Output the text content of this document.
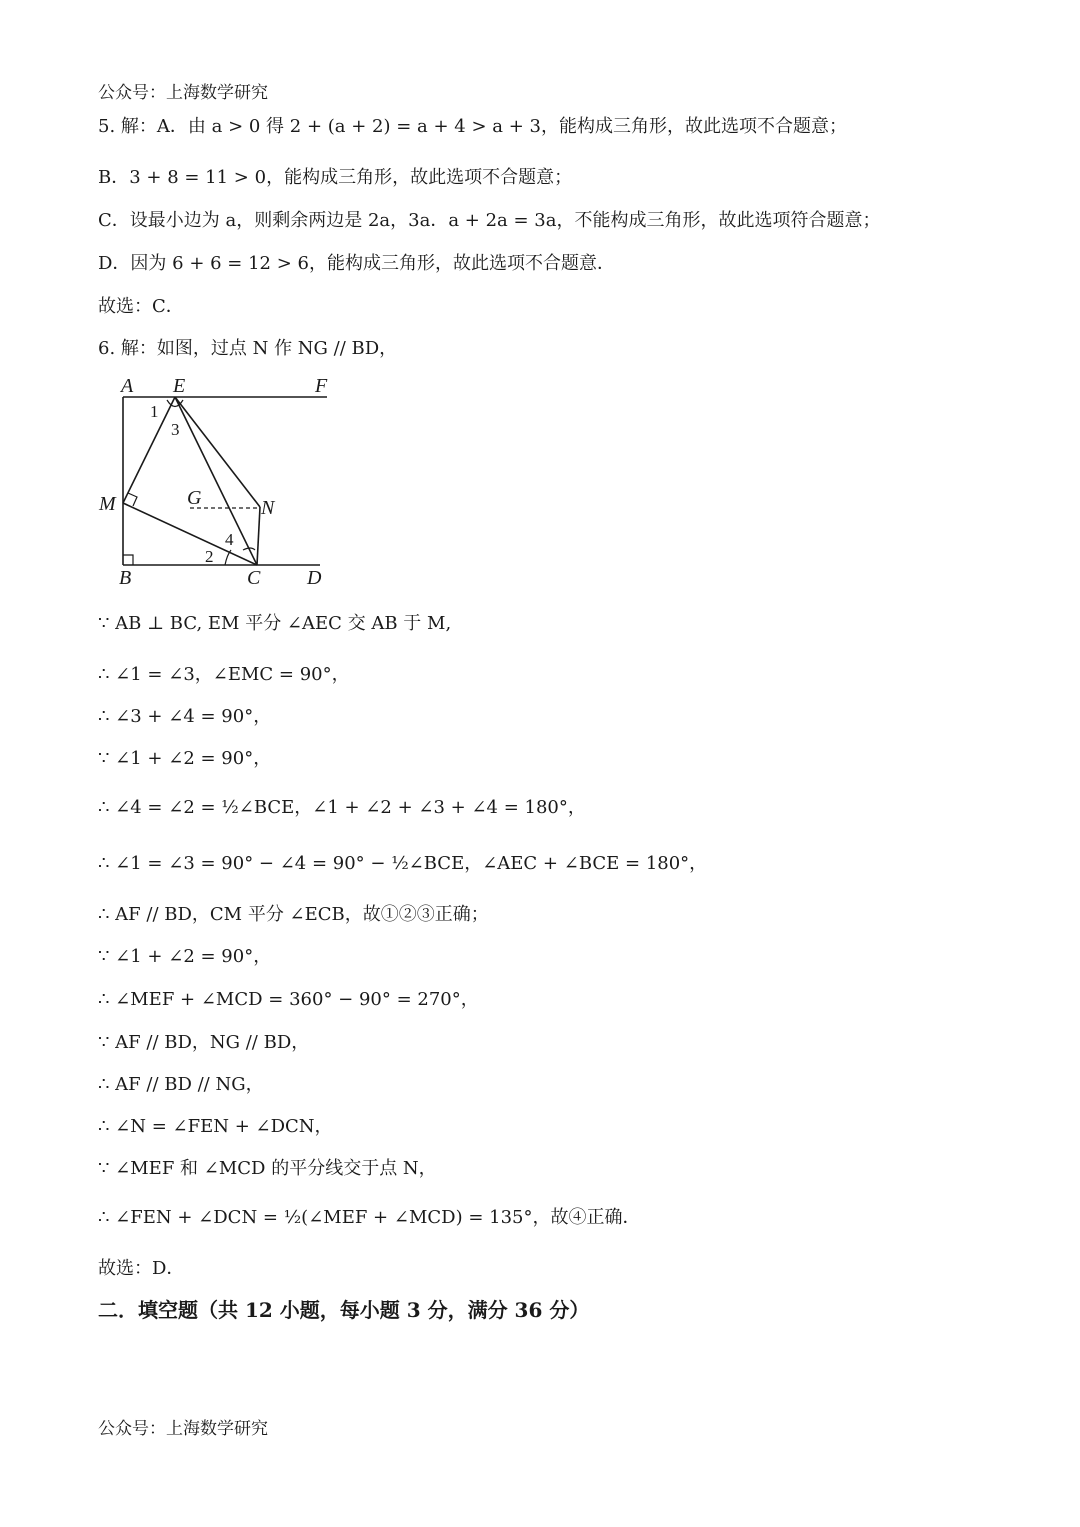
公众号：上海数学研究
5. 解：A．由 a > 0 得 2 + (a + 2) = a + 4 > a + 3，能构成三角形，故此选项不合题意；
B．3 + 8 = 11 > 0，能构成三角形，故此选项不合题意；
C．设最小边为 a，则剩余两边是 2a，3a．a + 2a = 3a，不能构成三角形，故此选项符合题意；
D．因为 6 + 6 = 12 > 6，能构成三角形，故此选项不合题意．
故选：C．
6. 解：如图，过点 N 作 NG // BD，
A E	F
M	G	N
B	C D
1
3
2
4
∵ AB ⊥ BC, EM 平分 ∠AEC 交 AB 于 M,
∴ ∠1 = ∠3，∠EMC = 90°，
∴ ∠3 + ∠4 = 90°，
∵ ∠1 + ∠2 = 90°，
∴ ∠4 = ∠2 = ½∠BCE，∠1 + ∠2 + ∠3 + ∠4 = 180°，
∴ ∠1 = ∠3 = 90° − ∠4 = 90° − ½∠BCE，∠AEC + ∠BCE = 180°，
∴ AF // BD，CM 平分 ∠ECB，故①②③正确；
∵ ∠1 + ∠2 = 90°，
∴ ∠MEF + ∠MCD = 360° − 90° = 270°，
∵ AF // BD，NG // BD，
∴ AF // BD // NG，
∴ ∠N = ∠FEN + ∠DCN，
∵ ∠MEF 和 ∠MCD 的平分线交于点 N，
∴ ∠FEN + ∠DCN = ½(∠MEF + ∠MCD) = 135°，故④正确．
故选：D．
二．填空题（共 12 小题，每小题 3 分，满分 36 分）
公众号：上海数学研究
